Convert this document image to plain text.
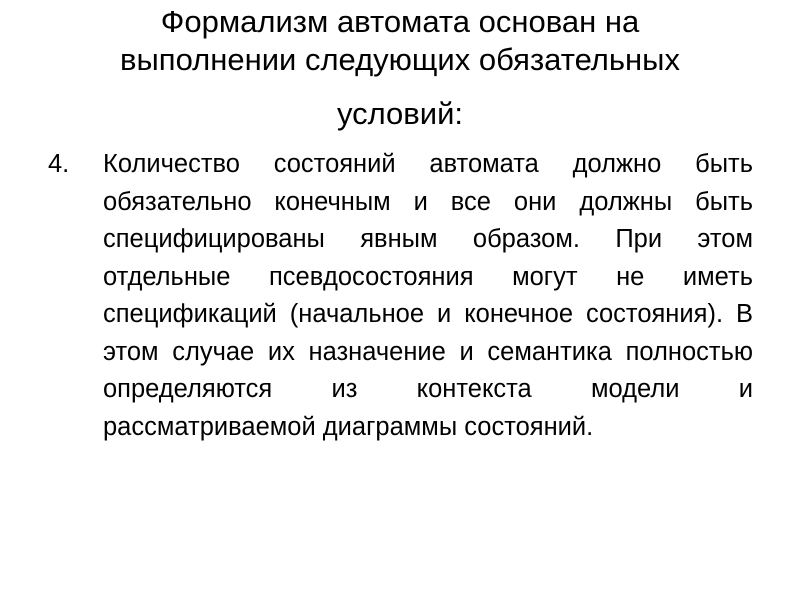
Формализм автомата основан на
выполнении следующих обязательных
условий:
4.	Количество состояний автомата должно быть обязательно конечным и все они должны быть специфицированы явным образом. При этом отдельные псевдосостояния могут не иметь спецификаций (начальное и конечное состояния). В этом случае их назначение и семантика полностью определяются из контекста модели и рассматриваемой диаграммы состояний.
